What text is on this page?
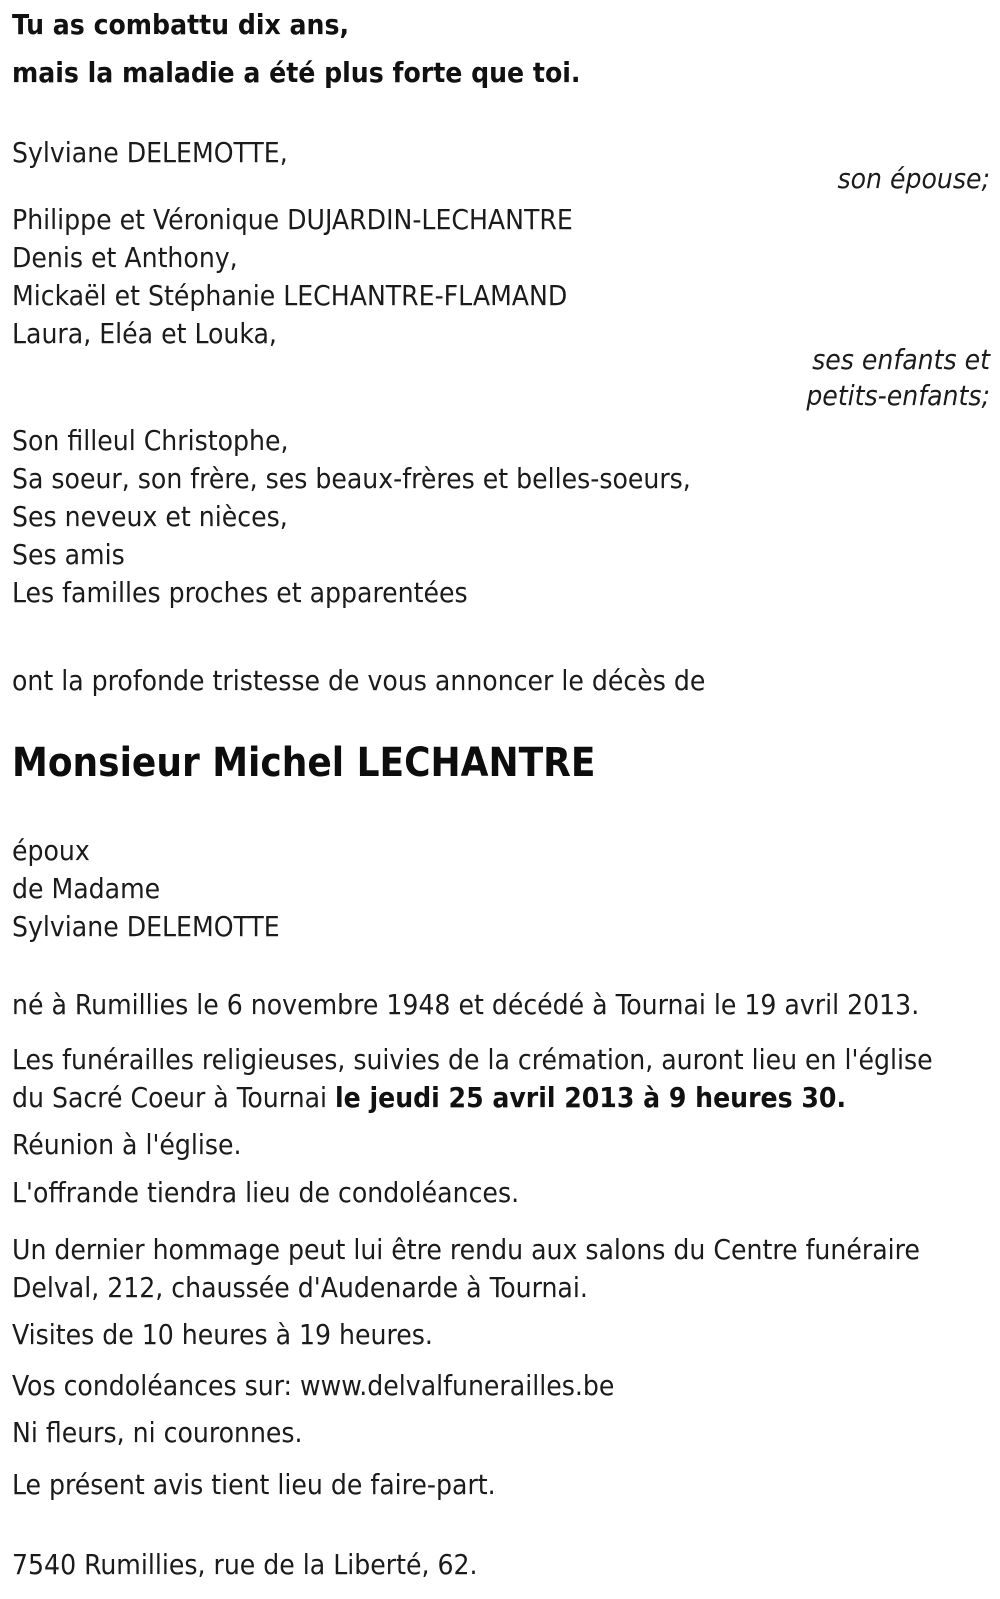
Tu as combattu dix ans,

mais la maladie a été plus forte que toi.

Sylviane DELEMOTTE,

son épouse;

Philippe et Véronique DUJARDIN-LECHANTRE
Denis et Anthony,
Mickaël et Stéphanie LECHANTRE-FLAMAND
Laura, Eléa et Louka,

ses enfants et
petits-enfants;

Son filleul Christophe,
Sa soeur, son frère, ses beaux-frères et belles-soeurs,
Ses neveux et nièces,
Ses amis
Les familles proches et apparentées

ont la profonde tristesse de vous annoncer le décès de

Monsieur Michel LECHANTRE

époux
de Madame
Sylviane DELEMOTTE

né à Rumillies le 6 novembre 1948 et décédé à Tournai le 19 avril 2013.

Les funérailles religieuses, suivies de la crémation, auront lieu en l'église
du Sacré Coeur à Tournai le jeudi 25 avril 2013 à 9 heures 30.

Réunion à l'église.

L'offrande tiendra lieu de condoléances.

Un dernier hommage peut lui être rendu aux salons du Centre funéraire
Delval, 212, chaussée d'Audenarde à Tournai.

Visites de 10 heures à 19 heures.

Vos condoléances sur: www.delvalfunerailles.be

Ni fleurs, ni couronnes.

Le présent avis tient lieu de faire-part.

7540 Rumillies, rue de la Liberté, 62.
